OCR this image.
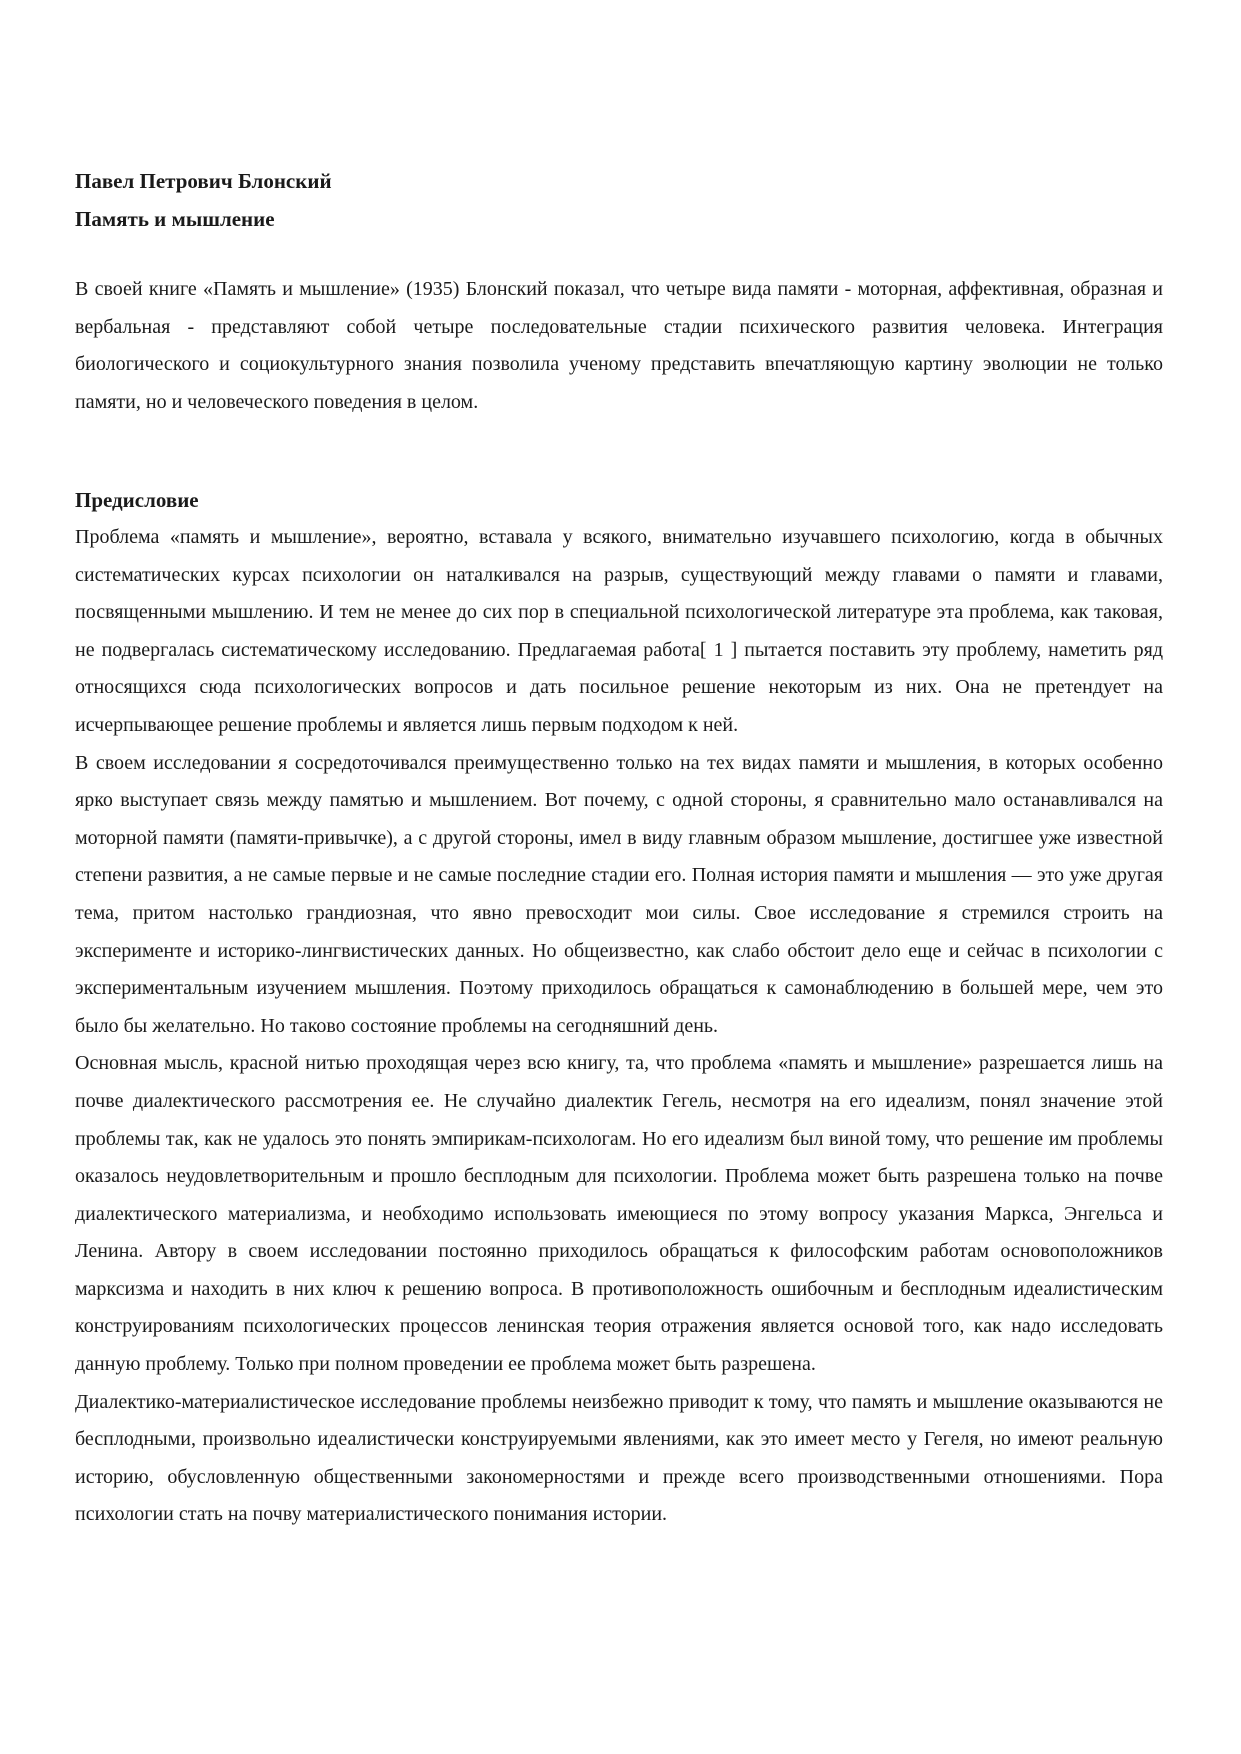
Павел Петрович Блонский

Память и мышление

В своей книге «Память и мышление» (1935) Блонский показал, что четыре вида памяти - моторная, аффективная, образная и вербальная - представляют собой четыре последовательные стадии психического развития человека. Интеграция биологического и социокультурного знания позволила ученому представить впечатляющую картину эволюции не только памяти, но и человеческого поведения в целом.

Предисловие

Проблема «память и мышление», вероятно, вставала у всякого, внимательно изучавшего психологию, когда в обычных систематических курсах психологии он наталкивался на разрыв, существующий между главами о памяти и главами, посвященными мышлению. И тем не менее до сих пор в специальной психологической литературе эта проблема, как таковая, не подвергалась систематическому исследованию. Предлагаемая работа[ 1 ] пытается поставить эту проблему, наметить ряд относящихся сюда психологических вопросов и дать посильное решение некоторым из них. Она не претендует на исчерпывающее решение проблемы и является лишь первым подходом к ней.

В своем исследовании я сосредоточивался преимущественно только на тех видах памяти и мышления, в которых особенно ярко выступает связь между памятью и мышлением. Вот почему, с одной стороны, я сравнительно мало останавливался на моторной памяти (памяти-привычке), а с другой стороны, имел в виду главным образом мышление, достигшее уже известной степени развития, а не самые первые и не самые последние стадии его. Полная история памяти и мышления — это уже другая тема, притом настолько грандиозная, что явно превосходит мои силы. Свое исследование я стремился строить на эксперименте и историко-лингвистических данных. Но общеизвестно, как слабо обстоит дело еще и сейчас в психологии с экспериментальным изучением мышления. Поэтому приходилось обращаться к самонаблюдению в большей мере, чем это было бы желательно. Но таково состояние проблемы на сегодняшний день.

Основная мысль, красной нитью проходящая через всю книгу, та, что проблема «память и мышление» разрешается лишь на почве диалектического рассмотрения ее. Не случайно диалектик Гегель, несмотря на его идеализм, понял значение этой проблемы так, как не удалось это понять эмпирикам-психологам. Но его идеализм был виной тому, что решение им проблемы оказалось неудовлетворительным и прошло бесплодным для психологии. Проблема может быть разрешена только на почве диалектического материализма, и необходимо использовать имеющиеся по этому вопросу указания Маркса, Энгельса и Ленина. Автору в своем исследовании постоянно приходилось обращаться к философским работам основоположников марксизма и находить в них ключ к решению вопроса. В противоположность ошибочным и бесплодным идеалистическим конструированиям психологических процессов ленинская теория отражения является основой того, как надо исследовать данную проблему. Только при полном проведении ее проблема может быть разрешена.

Диалектико-материалистическое исследование проблемы неизбежно приводит к тому, что память и мышление оказываются не бесплодными, произвольно идеалистически конструируемыми явлениями, как это имеет место у Гегеля, но имеют реальную историю, обусловленную общественными закономерностями и прежде всего производственными отношениями. Пора психологии стать на почву материалистического понимания истории.
